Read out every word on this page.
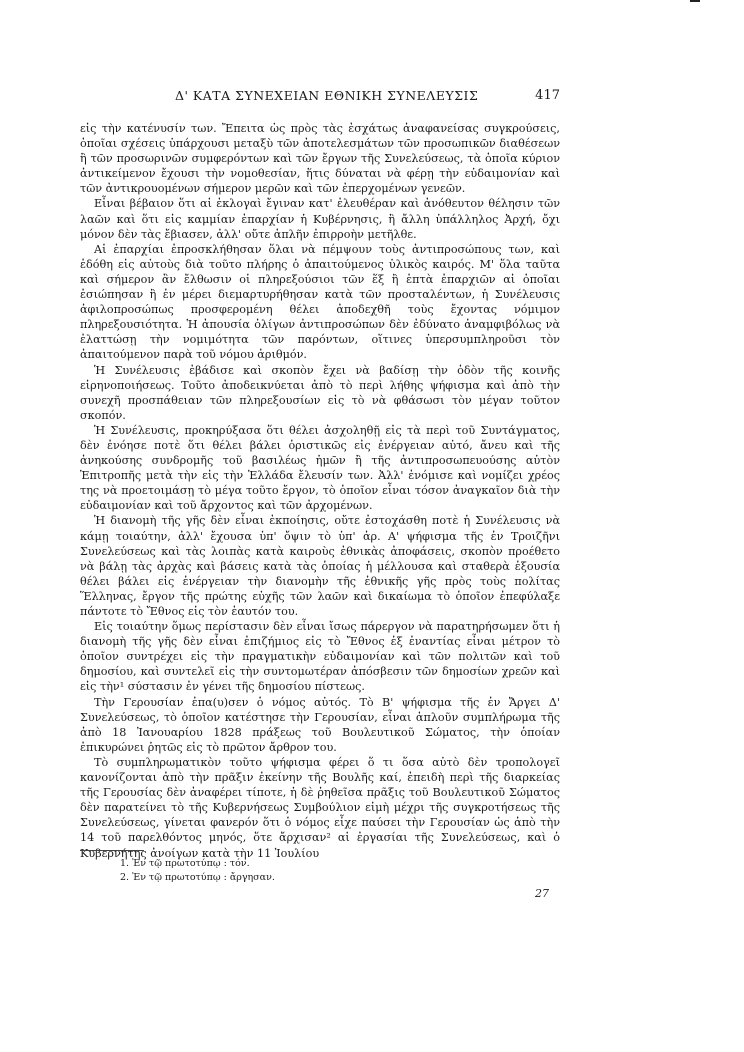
Δ' ΚΑΤΑ ΣΥΝΕΧΕΙΑΝ ΕΘΝΙΚΗ ΣΥΝΕΛΕΥΣΙΣ	417

εἰς τὴν κατένυσίν των. Ἔπειτα ὡς πρὸς τὰς ἐσχάτως ἀναφανείσας συγκρούσεις, ὁποῖαι σχέσεις ὑπάρχουσι μεταξὺ τῶν ἀποτελεσμάτων τῶν προσωπικῶν διαθέσεων ἢ τῶν προσωρινῶν συμφερόντων καὶ τῶν ἔργων τῆς Συνελεύσεως, τὰ ὁποῖα κύριον ἀντικείμενον ἔχουσι τὴν νομοθεσίαν, ἥτις δύναται νὰ φέρῃ τὴν εὐδαιμονίαν καὶ τῶν ἀντικρουομένων σήμερον μερῶν καὶ τῶν ἐπερχομένων γενεῶν.

Εἶναι βέβαιον ὅτι αἱ ἐκλογαὶ ἔγιναν κατ' ἐλευθέραν καὶ ἀνόθευτον θέλησιν τῶν λαῶν καὶ ὅτι εἰς καμμίαν ἐπαρχίαν ἡ Κυβέρνησις, ἢ ἄλλη ὑπάλληλος Ἀρχή, ὄχι μόνον δὲν τὰς ἔβιασεν, ἀλλ' οὔτε ἁπλῆν ἐπιρροὴν μετῆλθε.

Αἱ ἐπαρχίαι ἐπροσκλήθησαν ὅλαι νὰ πέμψουν τοὺς ἀντιπροσώπους των, καὶ ἐδόθη εἰς αὐτοὺς διὰ τοῦτο πλήρης ὁ ἀπαιτούμενος ὑλικὸς καιρός. Μ' ὅλα ταῦτα καὶ σήμερον ἂν ἔλθωσιν οἱ πληρεξούσιοι τῶν ἕξ ἢ ἑπτὰ ἐπαρχιῶν αἱ ὁποῖαι ἐσιώπησαν ἢ ἐν μέρει διεμαρτυρήθησαν κατὰ τῶν προσταλέντων, ἡ Συνέλευσις ἀφιλοπροσώπως προσφερομένη θέλει ἀποδεχθῆ τοὺς ἔχοντας νόμιμον πληρεξουσιότητα. Ἡ ἀπουσία ὀλίγων ἀντιπροσώπων δὲν ἐδύνατο ἀναμφιβόλως νὰ ἐλαττώσῃ τὴν νομιμότητα τῶν παρόντων, οἵτινες ὑπερσυμπληροῦσι τὸν ἀπαιτούμενον παρὰ τοῦ νόμου ἀριθμόν.

Ἡ Συνέλευσις ἐβάδισε καὶ σκοπὸν ἔχει νὰ βαδίσῃ τὴν ὁδὸν τῆς κοινῆς εἰρηνοποιήσεως. Τοῦτο ἀποδεικνύεται ἀπὸ τὸ περὶ λήθης ψήφισμα καὶ ἀπὸ τὴν συνεχῆ προσπάθειαν τῶν πληρεξουσίων εἰς τὸ νὰ φθάσωσι τὸν μέγαν τοῦτον σκοπόν.

Ἡ Συνέλευσις, προκηρύξασα ὅτι θέλει ἀσχοληθῇ εἰς τὰ περὶ τοῦ Συντάγματος, δὲν ἐνόησε ποτὲ ὅτι θέλει βάλει ὁριστικῶς εἰς ἐνέργειαν αὐτό, ἄνευ καὶ τῆς ἀνηκούσης συνδρομῆς τοῦ βασιλέως ἡμῶν ἢ τῆς ἀντιπροσωπευούσης αὐτὸν Ἐπιτροπῆς μετὰ τὴν εἰς τὴν Ἑλλάδα ἔλευσίν των. Ἀλλ' ἐνόμισε καὶ νομίζει χρέος της νὰ προετοιμάσῃ τὸ μέγα τοῦτο ἔργον, τὸ ὁποῖον εἶναι τόσον ἀναγκαῖον διὰ τὴν εὐδαιμονίαν καὶ τοῦ ἄρχοντος καὶ τῶν ἀρχομένων.

Ἡ διανομὴ τῆς γῆς δὲν εἶναι ἐκποίησις, οὔτε ἐστοχάσθη ποτὲ ἡ Συνέλευσις νὰ κάμῃ τοιαύτην, ἀλλ' ἔχουσα ὑπ' ὄψιν τὸ ὑπ' ἀρ. Α' ψήφισμα τῆς ἐν Τροιζῆνι Συνελεύσεως καὶ τὰς λοιπὰς κατὰ καιροὺς ἐθνικὰς ἀποφάσεις, σκοπὸν προέθετο νὰ βάλῃ τὰς ἀρχὰς καὶ βάσεις κατὰ τὰς ὁποίας ἡ μέλλουσα καὶ σταθερὰ ἐξουσία θέλει βάλει εἰς ἐνέργειαν τὴν διανομὴν τῆς ἐθνικῆς γῆς πρὸς τοὺς πολίτας Ἕλληνας, ἔργον τῆς πρώτης εὐχῆς τῶν λαῶν καὶ δικαίωμα τὸ ὁποῖον ἐπεφύλαξε πάντοτε τὸ Ἔθνος εἰς τὸν ἑαυτόν του.

Εἰς τοιαύτην ὅμως περίστασιν δὲν εἶναι ἴσως πάρεργον νὰ παρατηρήσωμεν ὅτι ἡ διανομὴ τῆς γῆς δὲν εἶναι ἐπιζήμιος εἰς τὸ Ἔθνος ἐξ ἐναντίας εἶναι μέτρον τὸ ὁποῖον συντρέχει εἰς τὴν πραγματικὴν εὐδαιμονίαν καὶ τῶν πολιτῶν καὶ τοῦ δημοσίου, καὶ συντελεῖ εἰς τὴν συντομωτέραν ἀπόσβεσιν τῶν δημοσίων χρεῶν καὶ εἰς τὴν¹ σύστασιν ἐν γένει τῆς δημοσίου πίστεως.

Τὴν Γερουσίαν ἐπα(υ)σεν ὁ νόμος αὐτός. Τὸ Β' ψήφισμα τῆς ἐν Ἄργει Δ' Συνελεύσεως, τὸ ὁποῖον κατέστησε τὴν Γερουσίαν, εἶναι ἁπλοῦν συμπλήρωμα τῆς ἀπὸ 18 Ἰανουαρίου 1828 πράξεως τοῦ Βουλευτικοῦ Σώματος, τὴν ὁποίαν ἐπικυρώνει ῥητῶς εἰς τὸ πρῶτον ἄρθρον του.

Τὸ συμπληρωματικὸν τοῦτο ψήφισμα φέρει ὅ τι ὅσα αὐτὸ δὲν τροπολογεῖ κανονίζονται ἀπὸ τὴν πρᾶξιν ἐκείνην τῆς Βουλῆς καί, ἐπειδὴ περὶ τῆς διαρκείας τῆς Γερουσίας δὲν ἀναφέρει τίποτε, ἡ δὲ ῥηθεῖσα πρᾶξις τοῦ Βουλευτικοῦ Σώματος δὲν παρατείνει τὸ τῆς Κυβερνήσεως Συμβούλιον εἰμὴ μέχρι τῆς συγκροτήσεως τῆς Συνελεύσεως, γίνεται φανερόν ὅτι ὁ νόμος εἶχε παύσει τὴν Γερουσίαν ὡς ἀπὸ τὴν 14 τοῦ παρελθόντος μηνός, ὅτε ἄρχισαν² αἱ ἐργασίαι τῆς Συνελεύσεως, καὶ ὁ Κυβερνήτης ἀνοίγων κατὰ τὴν 11 Ἰουλίου

1. Ἐν τῷ πρωτοτύπῳ : τόν.
2. Ἐν τῷ πρωτοτύπῳ : ἄργησαν.
27
